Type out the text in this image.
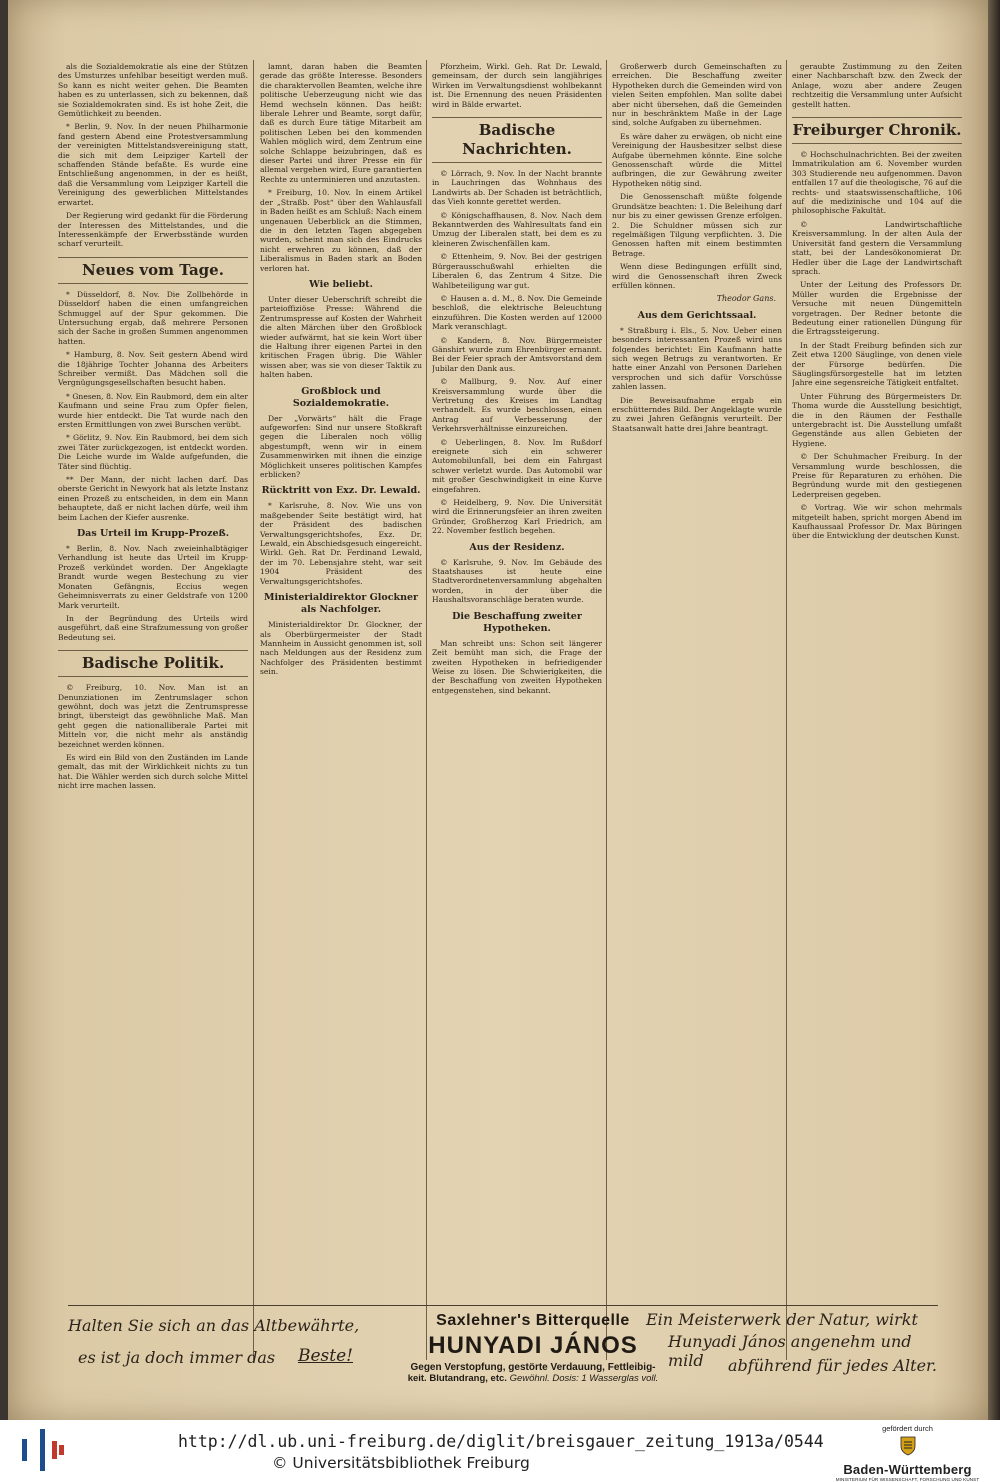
als die Sozialdemokratie als eine der Stützen des Umsturzes unfehlbar beseitigt werden muß. So kann es nicht weiter gehen. Die Beamten haben es zu unterlassen, sich zu bekennen, daß sie Sozialdemokraten sind. Es ist hohe Zeit, die Gemütlichkeit zu beenden.

* Berlin, 9. Nov. In der neuen Philharmonie fand gestern Abend eine Protestversammlung der vereinigten Mittelstandsvereinigung statt, die sich mit dem Leipziger Kartell der schaffenden Stände befaßte. Es wurde eine Entschließung angenommen, in der es heißt, daß die Versammlung vom Leipziger Kartell die Vereinigung des gewerblichen Mittelstandes erwartet.

Der Regierung wird gedankt für die Förderung der Interessen des Mittelstandes, und die Interessenkämpfe der Erwerbsstände wurden scharf verurteilt.

Neues vom Tage.

* Düsseldorf, 8. Nov. Die Zollbehörde in Düsseldorf haben die einen umfangreichen Schmuggel auf der Spur gekommen. Die Untersuchung ergab, daß mehrere Personen sich der Sache in großen Summen angenommen hatten.

* Hamburg, 8. Nov. Seit gestern Abend wird die 18jährige Tochter Johanna des Arbeiters Schreiber vermißt. Das Mädchen soll die Vergnügungsgesellschaften besucht haben.

* Gnesen, 8. Nov. Ein Raubmord, dem ein alter Kaufmann und seine Frau zum Opfer fielen, wurde hier entdeckt. Die Tat wurde nach den ersten Ermittlungen von zwei Burschen verübt.

* Görlitz, 9. Nov. Ein Raubmord, bei dem sich zwei Täter zurückgezogen, ist entdeckt worden. Die Leiche wurde im Walde aufgefunden, die Täter sind flüchtig.

** Der Mann, der nicht lachen darf. Das oberste Gericht in Newyork hat als letzte Instanz einen Prozeß zu entscheiden, in dem ein Mann behauptete, daß er nicht lachen dürfe, weil ihm beim Lachen der Kiefer ausrenke.

Das Urteil im Krupp-Prozeß.

* Berlin, 8. Nov. Nach zweieinhalbtägiger Verhandlung ist heute das Urteil im Krupp-Prozeß verkündet worden. Der Angeklagte Brandt wurde wegen Bestechung zu vier Monaten Gefängnis, Eccius wegen Geheimnisverrats zu einer Geldstrafe von 1200 Mark verurteilt.

In der Begründung des Urteils wird ausgeführt, daß eine Strafzumessung von großer Bedeutung sei.

Badische Politik.

© Freiburg, 10. Nov. Man ist an Denunziationen im Zentrumslager schon gewöhnt, doch was jetzt die Zentrumspresse bringt, übersteigt das gewöhnliche Maß. Man geht gegen die nationalliberale Partei mit Mitteln vor, die nicht mehr als anständig bezeichnet werden können.

Es wird ein Bild von den Zuständen im Lande gemalt, das mit der Wirklichkeit nichts zu tun hat. Die Wähler werden sich durch solche Mittel nicht irre machen lassen.

lamnt, daran haben die Beamten gerade das größte Interesse. Besonders die charaktervollen Beamten, welche ihre politische Ueberzeugung nicht wie das Hemd wechseln können. Das heißt: liberale Lehrer und Beamte, sorgt dafür, daß es durch Eure tätige Mitarbeit am politischen Leben bei den kommenden Wahlen möglich wird, dem Zentrum eine solche Schlappe beizubringen, daß es dieser Partei und ihrer Presse ein für allemal vergehen wird, Eure garantierten Rechte zu unterminieren und anzutasten.

* Freiburg, 10. Nov. In einem Artikel der „Straßb. Post“ über den Wahlausfall in Baden heißt es am Schluß: Nach einem ungenauen Ueberblick an die Stimmen, die in den letzten Tagen abgegeben wurden, scheint man sich des Eindrucks nicht erwehren zu können, daß der Liberalismus in Baden stark an Boden verloren hat.

Wie beliebt.

Unter dieser Ueberschrift schreibt die parteioffiziöse Presse: Während die Zentrumspresse auf Kosten der Wahrheit die alten Märchen über den Großblock wieder aufwärmt, hat sie kein Wort über die Haltung ihrer eigenen Partei in den kritischen Fragen übrig. Die Wähler wissen aber, was sie von dieser Taktik zu halten haben.

Großblock und Sozialdemokratie.

Der „Vorwärts“ hält die Frage aufgeworfen: Sind nur unsere Stoßkraft gegen die Liberalen noch völlig abgestumpft, wenn wir in einem Zusammenwirken mit ihnen die einzige Möglichkeit unseres politischen Kampfes erblicken?

Rücktritt von Exz. Dr. Lewald.

* Karlsruhe, 8. Nov. Wie uns von maßgebender Seite bestätigt wird, hat der Präsident des badischen Verwaltungsgerichtshofes, Exz. Dr. Lewald, ein Abschiedsgesuch eingereicht. Wirkl. Geh. Rat Dr. Ferdinand Lewald, der im 70. Lebensjahre steht, war seit 1904 Präsident des Verwaltungsgerichtshofes.

Ministerialdirektor Glockner als Nachfolger.

Ministerialdirektor Dr. Glockner, der als Oberbürgermeister der Stadt Mannheim in Aussicht genommen ist, soll nach Meldungen aus der Residenz zum Nachfolger des Präsidenten bestimmt sein.

Pforzheim, Wirkl. Geh. Rat Dr. Lewald, gemeinsam, der durch sein langjähriges Wirken im Verwaltungsdienst wohlbekannt ist. Die Ernennung des neuen Präsidenten wird in Bälde erwartet.

Badische Nachrichten.

© Lörrach, 9. Nov. In der Nacht brannte in Lauchringen das Wohnhaus des Landwirts ab. Der Schaden ist beträchtlich, das Vieh konnte gerettet werden.

© Königschaffhausen, 8. Nov. Nach dem Bekanntwerden des Wahlresultats fand ein Umzug der Liberalen statt, bei dem es zu kleineren Zwischenfällen kam.

© Ettenheim, 9. Nov. Bei der gestrigen Bürgerausschußwahl erhielten die Liberalen 6, das Zentrum 4 Sitze. Die Wahlbeteiligung war gut.

© Hausen a. d. M., 8. Nov. Die Gemeinde beschloß, die elektrische Beleuchtung einzuführen. Die Kosten werden auf 12000 Mark veranschlagt.

© Kandern, 8. Nov. Bürgermeister Gänshirt wurde zum Ehrenbürger ernannt. Bei der Feier sprach der Amtsvorstand dem Jubilar den Dank aus.

© Mallburg, 9. Nov. Auf einer Kreisversammlung wurde über die Vertretung des Kreises im Landtag verhandelt. Es wurde beschlossen, einen Antrag auf Verbesserung der Verkehrsverhältnisse einzureichen.

© Ueberlingen, 8. Nov. Im Rußdorf ereignete sich ein schwerer Automobilunfall, bei dem ein Fahrgast schwer verletzt wurde. Das Automobil war mit großer Geschwindigkeit in eine Kurve eingefahren.

© Heidelberg, 9. Nov. Die Universität wird die Erinnerungsfeier an ihren zweiten Gründer, Großherzog Karl Friedrich, am 22. November festlich begehen.

Aus der Residenz.

© Karlsruhe, 9. Nov. Im Gebäude des Staatshauses ist heute eine Stadtverordnetenversammlung abgehalten worden, in der über die Haushaltsvoranschläge beraten wurde.

Die Beschaffung zweiter Hypotheken.

Man schreibt uns: Schon seit längerer Zeit bemüht man sich, die Frage der zweiten Hypotheken in befriedigender Weise zu lösen. Die Schwierigkeiten, die der Beschaffung von zweiten Hypotheken entgegenstehen, sind bekannt.

Großerwerb durch Gemeinschaften zu erreichen. Die Beschaffung zweiter Hypotheken durch die Gemeinden wird von vielen Seiten empfohlen. Man sollte dabei aber nicht übersehen, daß die Gemeinden nur in beschränktem Maße in der Lage sind, solche Aufgaben zu übernehmen.

Es wäre daher zu erwägen, ob nicht eine Vereinigung der Hausbesitzer selbst diese Aufgabe übernehmen könnte. Eine solche Genossenschaft würde die Mittel aufbringen, die zur Gewährung zweiter Hypotheken nötig sind.

Die Genossenschaft müßte folgende Grundsätze beachten: 1. Die Beleihung darf nur bis zu einer gewissen Grenze erfolgen. 2. Die Schuldner müssen sich zur regelmäßigen Tilgung verpflichten. 3. Die Genossen haften mit einem bestimmten Betrage.

Wenn diese Bedingungen erfüllt sind, wird die Genossenschaft ihren Zweck erfüllen können.

Theodor Gans.
Aus dem Gerichtssaal.

* Straßburg i. Els., 5. Nov. Ueber einen besonders interessanten Prozeß wird uns folgendes berichtet: Ein Kaufmann hatte sich wegen Betrugs zu verantworten. Er hatte einer Anzahl von Personen Darlehen versprochen und sich dafür Vorschüsse zahlen lassen.

Die Beweisaufnahme ergab ein erschütterndes Bild. Der Angeklagte wurde zu zwei Jahren Gefängnis verurteilt. Der Staatsanwalt hatte drei Jahre beantragt.

geraubte Zustimmung zu den Zeiten einer Nachbarschaft bzw. den Zweck der Anlage, wozu aber andere Zeugen rechtzeitig die Versammlung unter Aufsicht gestellt hatten.

Freiburger Chronik.

© Hochschulnachrichten. Bei der zweiten Immatrikulation am 6. November wurden 303 Studierende neu aufgenommen. Davon entfallen 17 auf die theologische, 76 auf die rechts- und staatswissenschaftliche, 106 auf die medizinische und 104 auf die philosophische Fakultät.

© Landwirtschaftliche Kreisversammlung. In der alten Aula der Universität fand gestern die Versammlung statt, bei der Landesökonomierat Dr. Hedler über die Lage der Landwirtschaft sprach.

Unter der Leitung des Professors Dr. Müller wurden die Ergebnisse der Versuche mit neuen Düngemitteln vorgetragen. Der Redner betonte die Bedeutung einer rationellen Düngung für die Ertragssteigerung.

In der Stadt Freiburg befinden sich zur Zeit etwa 1200 Säuglinge, von denen viele der Fürsorge bedürfen. Die Säuglingsfürsorgestelle hat im letzten Jahre eine segensreiche Tätigkeit entfaltet.

Unter Führung des Bürgermeisters Dr. Thoma wurde die Ausstellung besichtigt, die in den Räumen der Festhalle untergebracht ist. Die Ausstellung umfaßt Gegenstände aus allen Gebieten der Hygiene.

© Der Schuhmacher Freiburg. In der Versammlung wurde beschlossen, die Preise für Reparaturen zu erhöhen. Die Begründung wurde mit den gestiegenen Lederpreisen gegeben.

© Vortrag. Wie wir schon mehrmals mitgeteilt haben, spricht morgen Abend im Kaufhaussaal Professor Dr. Max Büringen über die Entwicklung der deutschen Kunst.

Halten Sie sich an das Altbewährte,
es ist ja doch immer das Beste!
Saxlehner's Bitterquelle
HUNYADI JÁNOS
Gegen Verstopfung, gestörte Verdauung, Fettleibig-
keit. Blutandrang, etc. Gewöhnl. Dosis: 1 Wasserglas voll.
Ein Meisterwerk der Natur, wirkt
Hunyadi János angenehm und mild	abführend für jedes Alter.
http://dl.ub.uni-freiburg.de/diglit/breisgauer_zeitung_1913a/0544
© Universitätsbibliothek Freiburg
gefördert durch
Baden-Württemberg
MINISTERIUM FÜR WISSENSCHAFT, FORSCHUNG UND KUNST
